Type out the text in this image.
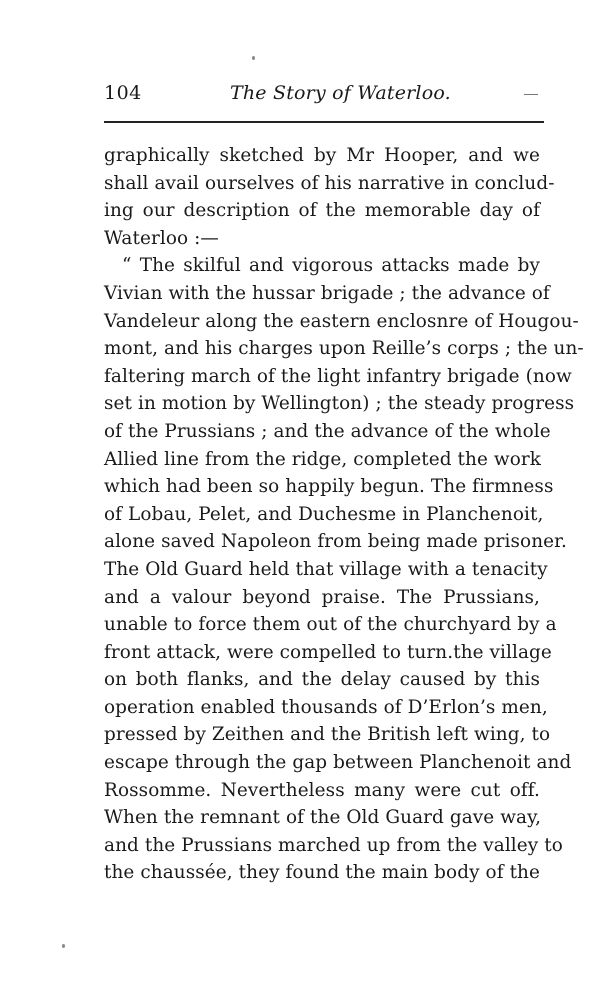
104	The Story of Waterloo.
graphically sketched by Mr Hooper, and we
shall avail ourselves of his narrative in conclud-
ing our description of the memorable day of
Waterloo :—
“ The skilful and vigorous attacks made by
Vivian with the hussar brigade ; the advance of
Vandeleur along the eastern enclosnre of Hougou-
mont, and his charges upon Reille’s corps ; the un-
faltering march of the light infantry brigade (now
set in motion by Wellington) ; the steady progress
of the Prussians ; and the advance of the whole
Allied line from the ridge, completed the work
which had been so happily begun. The firmness
of Lobau, Pelet, and Duchesme in Planchenoit,
alone saved Napoleon from being made prisoner.
The Old Guard held that village with a tenacity
and a valour beyond praise. The Prussians,
unable to force them out of the churchyard by a
front attack, were compelled to turn.the village
on both flanks, and the delay caused by this
operation enabled thousands of D’Erlon’s men,
pressed by Zeithen and the British left wing, to
escape through the gap between Planchenoit and
Rossomme. Nevertheless many were cut off.
When the remnant of the Old Guard gave way,
and the Prussians marched up from the valley to
the chaussée, they found the main body of the
